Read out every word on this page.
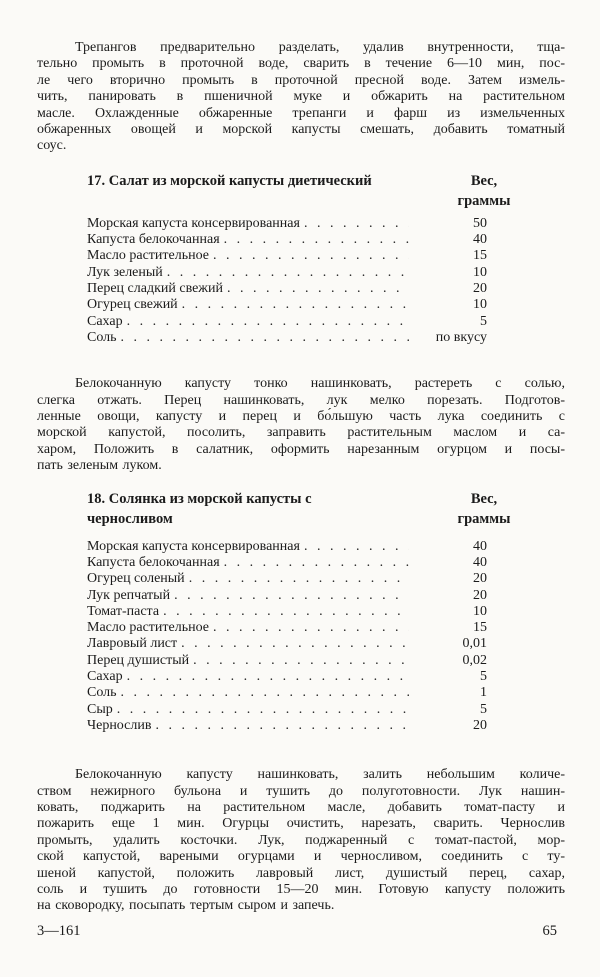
Трепангов предварительно разделать, удалив внутренности, тща-
тельно промыть в проточной воде, сварить в течение 6—10 мин, пос-
ле чего вторично промыть в проточной пресной воде. Затем измель-
чить, панировать в пшеничной муке и обжарить на растительном
масле. Охлажденные обжаренные трепанги и фарш из измельченных
обжаренных овощей и морской капусты смешать, добавить томатный
соус.
17. Салат из морской капусты диетический	Вес,
граммы
Морская капуста консервированная . . .	50
Капуста белокочанная . . .	40
Масло растительное . . .	15
Лук зеленый . . .	10
Перец сладкий свежий . . .	20
Огурец свежий . . .	10
Сахар . . .	5
Соль . . .	по вкусу
Белокочанную капусту тонко нашинковать, растереть с солью,
слегка отжать. Перец нашинковать, лук мелко порезать. Подготов-
ленные овощи, капусту и перец и бо́льшую часть лука соединить с
морской капустой, посолить, заправить растительным маслом и са-
харом, Положить в салатник, оформить нарезанным огурцом и посы-
пать зеленым луком.
18. Солянка из морской капусты с
черносливом
Вес,
граммы
Морская капуста консервированная . . .	40
Капуста белокочанная . . .	40
Огурец соленый . . .	20
Лук репчатый . . .	20
Томат-паста . . .	10
Масло растительное . . .	15
Лавровый лист . . .	0,01
Перец душистый . . .	0,02
Сахар . . .	5
Соль . . .	1
Сыр . . .	5
Чернослив . . .	20
Белокочанную капусту нашинковать, залить небольшим количе-
ством нежирного бульона и тушить до полуготовности. Лук нашин-
ковать, поджарить на растительном масле, добавить томат-пасту и
пожарить еще 1 мин. Огурцы очистить, нарезать, сварить. Чернослив
промыть, удалить косточки. Лук, поджаренный с томат-пастой, мор-
ской капустой, вареными огурцами и черносливом, соединить с ту-
шеной капустой, положить лавровый лист, душистый перец, сахар,
соль и тушить до готовности 15—20 мин. Готовую капусту положить
на сковородку, посыпать тертым сыром и запечь.
3—161	65
